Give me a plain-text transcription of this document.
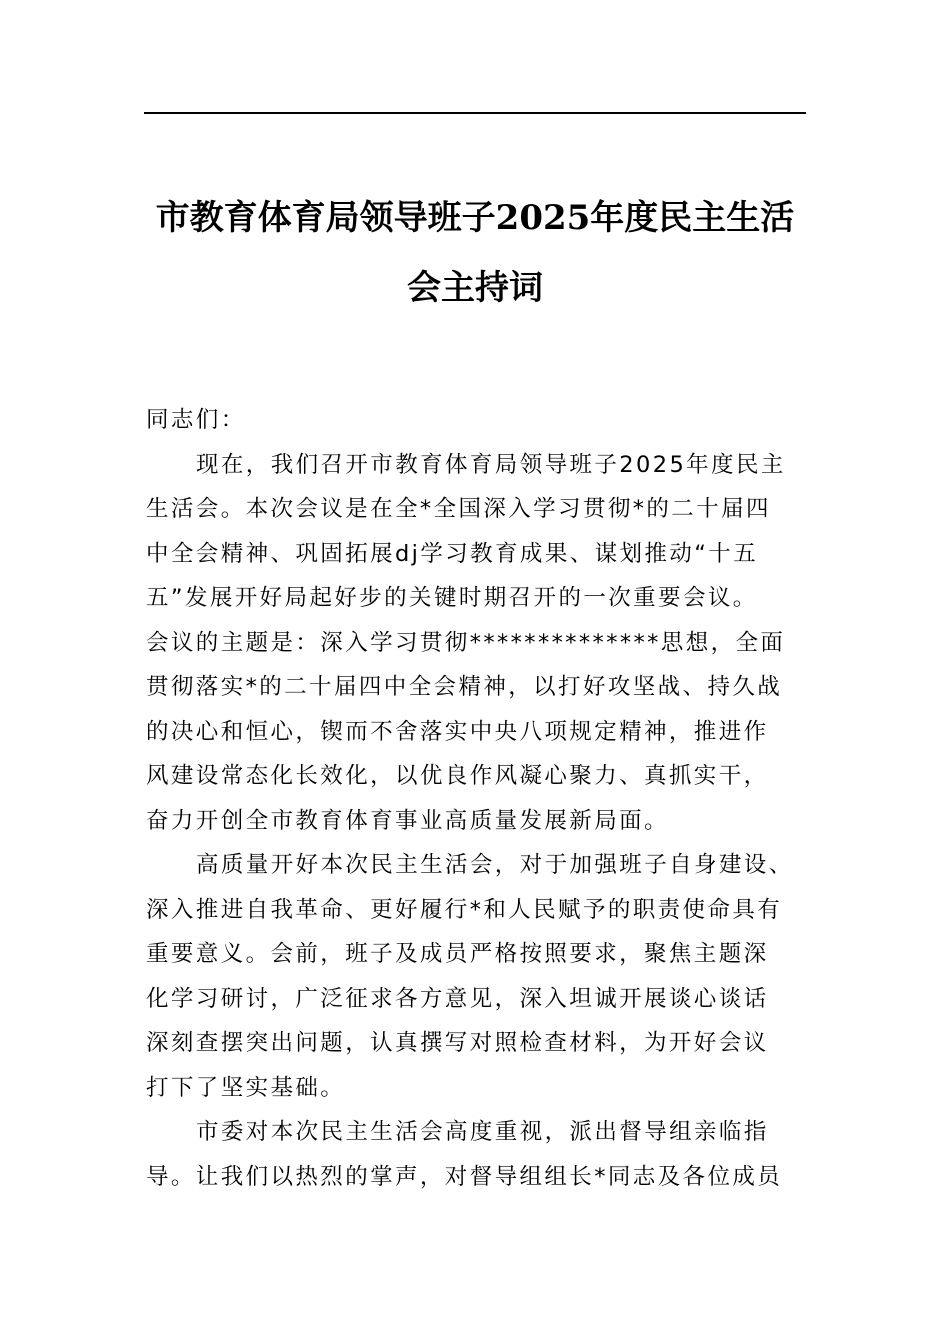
市教育体育局领导班子2025年度民主生活
会主持词
同志们：
现在，我们召开市教育体育局领导班子2025年度民主
生活会。本次会议是在全*全国深入学习贯彻*的二十届四
中全会精神、巩固拓展dj学习教育成果、谋划推动“十五
五”发展开好局起好步的关键时期召开的一次重要会议。
会议的主题是：深入学习贯彻**************思想，全面
贯彻落实*的二十届四中全会精神，以打好攻坚战、持久战
的决心和恒心，锲而不舍落实中央八项规定精神，推进作
风建设常态化长效化，以优良作风凝心聚力、真抓实干，
奋力开创全市教育体育事业高质量发展新局面。
高质量开好本次民主生活会，对于加强班子自身建设、
深入推进自我革命、更好履行*和人民赋予的职责使命具有
重要意义。会前，班子及成员严格按照要求，聚焦主题深
化学习研讨，广泛征求各方意见，深入坦诚开展谈心谈话
深刻查摆突出问题，认真撰写对照检查材料，为开好会议
打下了坚实基础。
市委对本次民主生活会高度重视，派出督导组亲临指
导。让我们以热烈的掌声，对督导组组长*同志及各位成员
